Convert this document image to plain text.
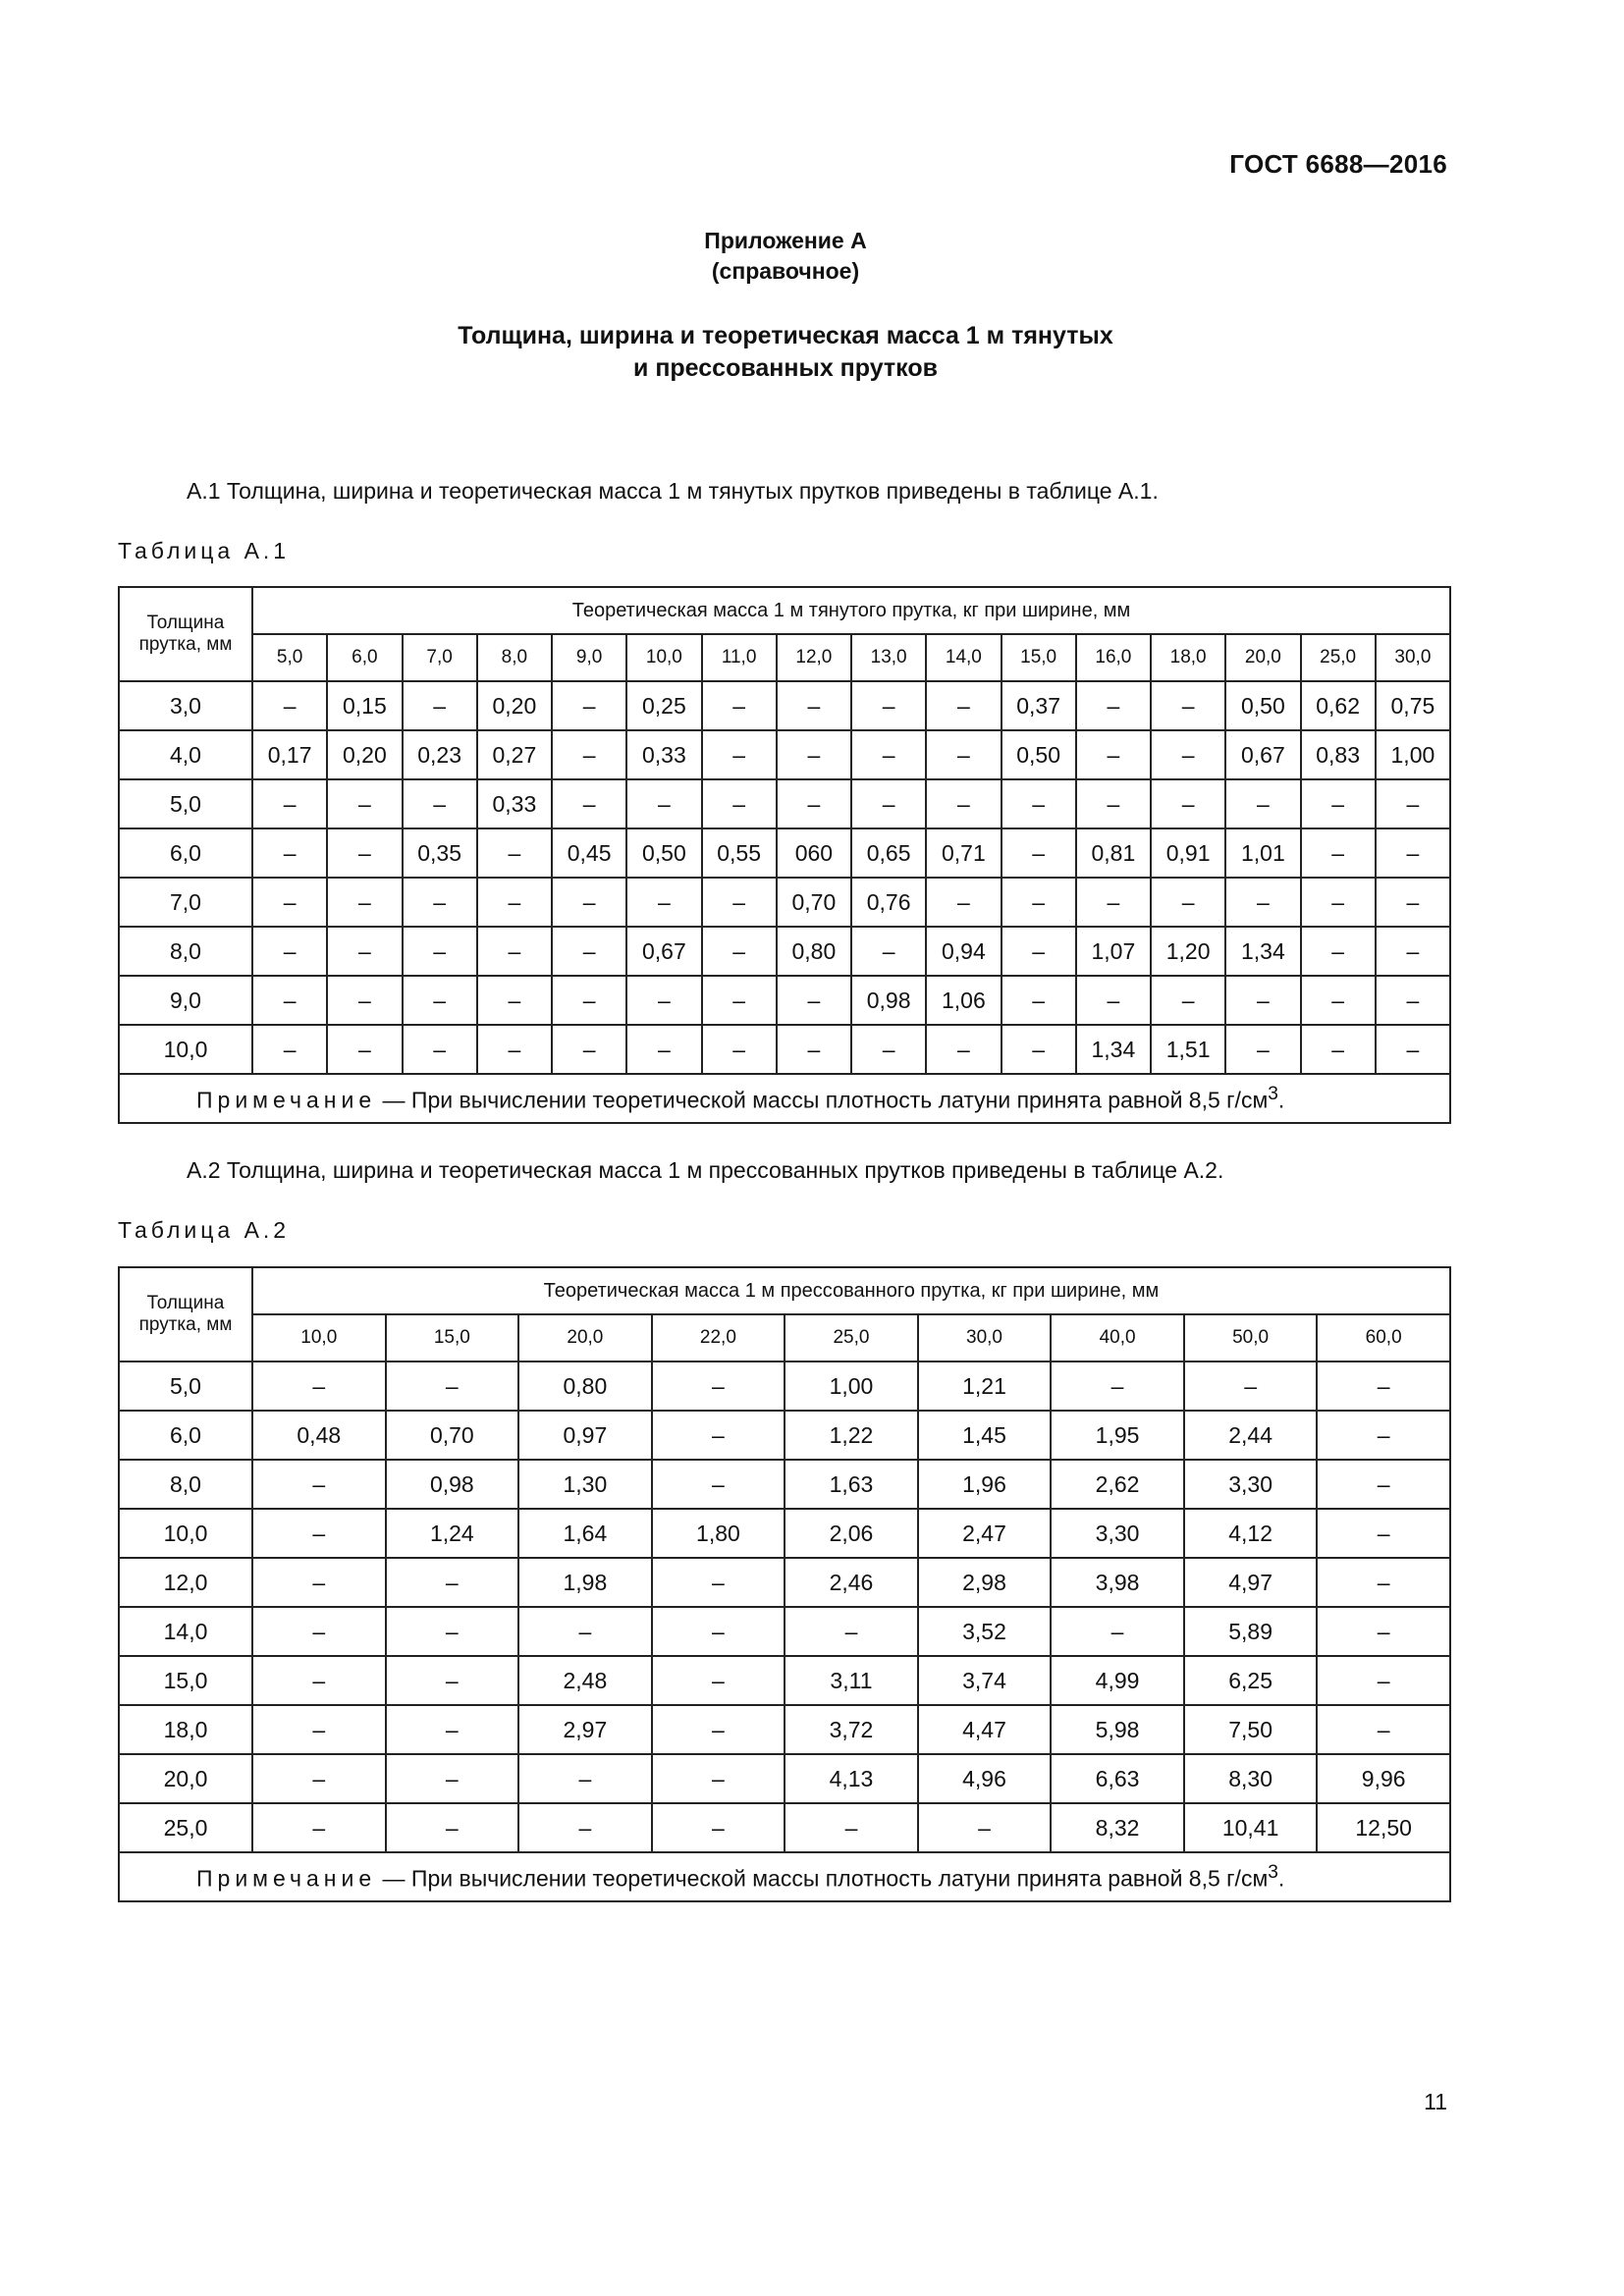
ГОСТ 6688—2016
Приложение А
(справочное)
Толщина, ширина и теоретическая масса 1 м тянутых
и прессованных прутков
А.1 Толщина, ширина и теоретическая масса 1 м тянутых прутков приведены в таблице А.1.
Таблица А.1
Толщина прутка, мм	Теоретическая масса 1 м тянутого прутка, кг при ширине, мм															
	5,0	6,0	7,0	8,0	9,0	10,0	11,0	12,0	13,0	14,0	15,0	16,0	18,0	20,0	25,0	30,0
3,0	–	0,15	–	0,20	–	0,25	–	–	–	–	0,37	–	–	0,50	0,62	0,75
4,0	0,17	0,20	0,23	0,27	–	0,33	–	–	–	–	0,50	–	–	0,67	0,83	1,00
5,0	–	–	–	0,33	–	–	–	–	–	–	–	–	–	–	–	–
6,0	–	–	0,35	–	0,45	0,50	0,55	060	0,65	0,71	–	0,81	0,91	1,01	–	–
7,0	–	–	–	–	–	–	–	0,70	0,76	–	–	–	–	–	–	–
8,0	–	–	–	–	–	0,67	–	0,80	–	0,94	–	1,07	1,20	1,34	–	–
9,0	–	–	–	–	–	–	–	–	0,98	1,06	–	–	–	–	–	–
10,0	–	–	–	–	–	–	–	–	–	–	–	1,34	1,51	–	–	–
Примечание — При вычислении теоретической массы плотность латуни принята равной 8,5 $г/см^3$.																
А.2 Толщина, ширина и теоретическая масса 1 м прессованных прутков приведены в таблице А.2.
Таблица А.2
Толщина прутка, мм	Теоретическая масса 1 м прессованного прутка, кг при ширине, мм								
	10,0	15,0	20,0	22,0	25,0	30,0	40,0	50,0	60,0
5,0	–	–	0,80	–	1,00	1,21	–	–	–
6,0	0,48	0,70	0,97	–	1,22	1,45	1,95	2,44	–
8,0	–	0,98	1,30	–	1,63	1,96	2,62	3,30	–
10,0	–	1,24	1,64	1,80	2,06	2,47	3,30	4,12	–
12,0	–	–	1,98	–	2,46	2,98	3,98	4,97	–
14,0	–	–	–	–	–	3,52	–	5,89	–
15,0	–	–	2,48	–	3,11	3,74	4,99	6,25	–
18,0	–	–	2,97	–	3,72	4,47	5,98	7,50	–
20,0	–	–	–	–	4,13	4,96	6,63	8,30	9,96
25,0	–	–	–	–	–	–	8,32	10,41	12,50
Примечание — При вычислении теоретической массы плотность латуни принята равной 8,5 $г/см^3$.									
11
